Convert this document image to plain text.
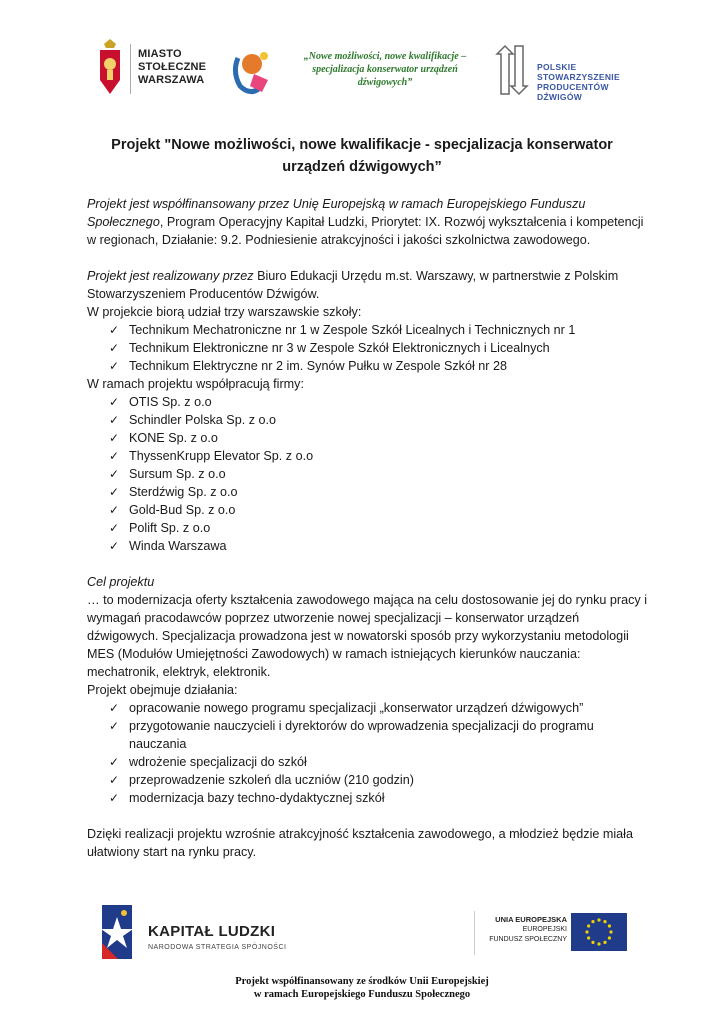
MIASTO
STOŁECZNE
WARSZAWA
„Nowe możliwości, nowe kwalifikacje – specjalizacja konserwator urządzeń dźwigowych”
POLSKIE STOWARZYSZENIE
PRODUCENTÓW DŹWIGÓW
Projekt "Nowe możliwości, nowe kwalifikacje - specjalizacja konserwator urządzeń dźwigowych”

Projekt jest współfinansowany przez Unię Europejską w ramach Europejskiego Funduszu Społecznego, Program Operacyjny Kapitał Ludzki, Priorytet: IX. Rozwój wykształcenia i kompetencji w regionach, Działanie: 9.2. Podniesienie atrakcyjności i jakości szkolnictwa zawodowego.

Projekt jest realizowany przez Biuro Edukacji Urzędu m.st. Warszawy, w partnerstwie z Polskim Stowarzyszeniem Producentów Dźwigów.

W projekcie biorą udział trzy warszawskie szkoły:

✓ Technikum Mechatroniczne nr 1 w Zespole Szkół Licealnych i Technicznych nr 1
✓ Technikum Elektroniczne nr 3 w Zespole Szkół Elektronicznych i Licealnych
✓ Technikum Elektryczne nr 2 im. Synów Pułku w Zespole Szkół nr 28

W ramach projektu współpracują firmy:

✓ OTIS Sp. z o.o
✓ Schindler Polska Sp. z o.o
✓ KONE Sp. z o.o
✓ ThyssenKrupp Elevator Sp. z o.o
✓ Sursum Sp. z o.o
✓ Sterdźwig Sp. z o.o
✓ Gold-Bud Sp. z o.o
✓ Polift Sp. z o.o
✓ Winda Warszawa

Cel projektu

… to modernizacja oferty kształcenia zawodowego mająca na celu dostosowanie jej do rynku pracy i wymagań pracodawców poprzez utworzenie nowej specjalizacji – konserwator urządzeń dźwigowych. Specjalizacja prowadzona jest w nowatorski sposób przy wykorzystaniu metodologii MES (Modułów Umiejętności Zawodowych) w ramach istniejących kierunków nauczania: mechatronik, elektryk, elektronik.

Projekt obejmuje działania:

✓ opracowanie nowego programu specjalizacji „konserwator urządzeń dźwigowych”
✓ przygotowanie nauczycieli i dyrektorów do wprowadzenia specjalizacji do programu nauczania
✓ wdrożenie specjalizacji do szkół
✓ przeprowadzenie szkoleń dla uczniów (210 godzin)
✓ modernizacja bazy techno-dydaktycznej szkół

Dzięki realizacji projektu wzrośnie atrakcyjność kształcenia zawodowego, a młodzież będzie miała ułatwiony start na rynku pracy.

KAPITAŁ LUDZKI
NARODOWA STRATEGIA SPÓJNOŚCI
UNIA EUROPEJSKA
EUROPEJSKI
FUNDUSZ SPOŁECZNY
Projekt współfinansowany ze środków Unii Europejskiej
w ramach Europejskiego Funduszu Społecznego
